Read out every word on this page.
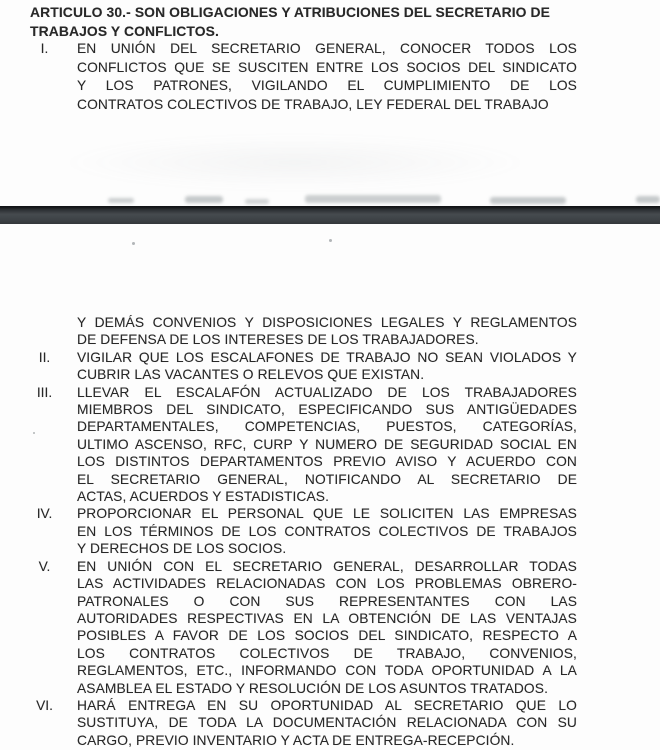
ARTICULO 30.- SON OBLIGACIONES Y ATRIBUCIONES DEL SECRETARIO DE
TRABAJOS Y CONFLICTOS.
I.	EN UNIÓN DEL SECRETARIO GENERAL, CONOCER TODOS LOS
CONFLICTOS QUE SE SUSCITEN ENTRE LOS SOCIOS DEL SINDICATO
Y LOS PATRONES, VIGILANDO EL CUMPLIMIENTO DE LOS
CONTRATOS COLECTIVOS DE TRABAJO, LEY FEDERAL DEL TRABAJO
Y DEMÁS CONVENIOS Y DISPOSICIONES LEGALES Y REGLAMENTOS
DE DEFENSA DE LOS INTERESES DE LOS TRABAJADORES.
II.	VIGILAR QUE LOS ESCALAFONES DE TRABAJO NO SEAN VIOLADOS Y
CUBRIR LAS VACANTES O RELEVOS QUE EXISTAN.
III.	LLEVAR EL ESCALAFÓN ACTUALIZADO DE LOS TRABAJADORES
MIEMBROS DEL SINDICATO, ESPECIFICANDO SUS ANTIGÜEDADES
DEPARTAMENTALES, COMPETENCIAS, PUESTOS, CATEGORÍAS,
ULTIMO ASCENSO, RFC, CURP Y NUMERO DE SEGURIDAD SOCIAL EN
LOS DISTINTOS DEPARTAMENTOS PREVIO AVISO Y ACUERDO CON
EL SECRETARIO GENERAL, NOTIFICANDO AL SECRETARIO DE
ACTAS, ACUERDOS Y ESTADISTICAS.
IV.	PROPORCIONAR EL PERSONAL QUE LE SOLICITEN LAS EMPRESAS
EN LOS TÉRMINOS DE LOS CONTRATOS COLECTIVOS DE TRABAJOS
Y DERECHOS DE LOS SOCIOS.
V.	EN UNIÓN CON EL SECRETARIO GENERAL, DESARROLLAR TODAS
LAS ACTIVIDADES RELACIONADAS CON LOS PROBLEMAS OBRERO-
PATRONALES O CON SUS REPRESENTANTES CON LAS
AUTORIDADES RESPECTIVAS EN LA OBTENCIÓN DE LAS VENTAJAS
POSIBLES A FAVOR DE LOS SOCIOS DEL SINDICATO, RESPECTO A
LOS CONTRATOS COLECTIVOS DE TRABAJO, CONVENIOS,
REGLAMENTOS, ETC., INFORMANDO CON TODA OPORTUNIDAD A LA
ASAMBLEA EL ESTADO Y RESOLUCIÓN DE LOS ASUNTOS TRATADOS.
VI.	HARÁ ENTREGA EN SU OPORTUNIDAD AL SECRETARIO QUE LO
SUSTITUYA, DE TODA LA DOCUMENTACIÓN RELACIONADA CON SU
CARGO, PREVIO INVENTARIO Y ACTA DE ENTREGA-RECEPCIÓN.
